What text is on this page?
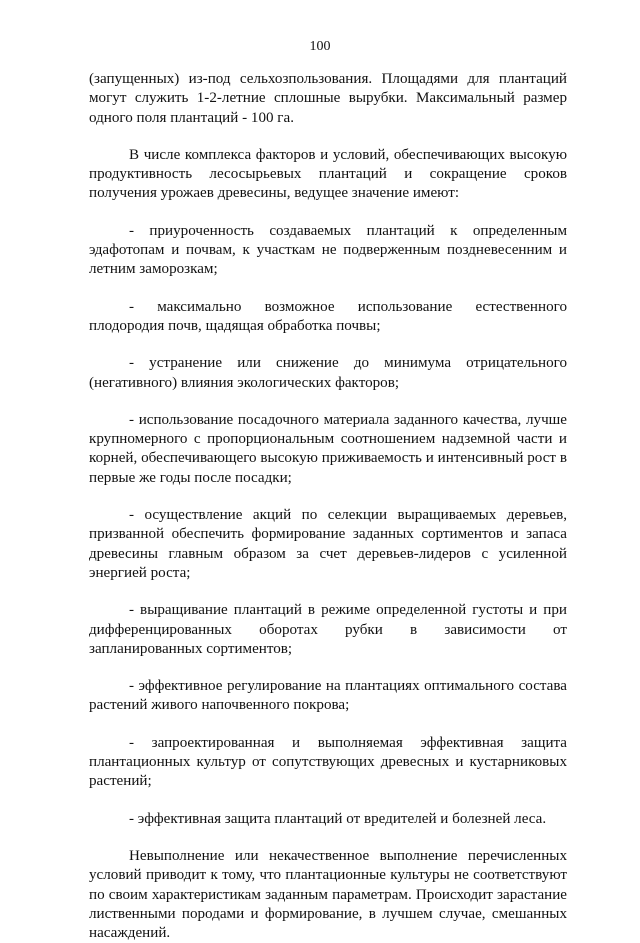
100

(запущенных) из-под сельхозпользования. Площадями для плантаций могут служить 1-2-летние сплошные вырубки. Максимальный размер одного поля плантаций - 100 га.

В числе комплекса факторов и условий, обеспечивающих высокую продуктивность лесосырьевых плантаций и сокращение сроков получения урожаев древесины, ведущее значение имеют:

- приуроченность создаваемых плантаций к определенным эдафотопам и почвам, к участкам не подверженным поздневесенним и летним заморозкам;

- максимально возможное использование естественного плодородия почв, щадящая обработка почвы;

- устранение или снижение до минимума отрицательного (негативного) влияния экологических факторов;

- использование посадочного материала заданного качества, лучше крупномерного с пропорциональным соотношением надземной части и корней, обеспечивающего высокую приживаемость и интенсивный рост в первые же годы после посадки;

- осуществление акций по селекции выращиваемых деревьев, призванной обеспечить формирование заданных сортиментов и запаса древесины главным образом за счет деревьев-лидеров с усиленной энергией роста;

- выращивание плантаций в режиме определенной густоты и при дифференцированных оборотах рубки в зависимости от запланированных сортиментов;

- эффективное регулирование на плантациях оптимального состава растений живого напочвенного покрова;

- запроектированная и выполняемая эффективная защита плантационных культур от сопутствующих древесных и кустарниковых растений;

- эффективная защита плантаций от вредителей и болезней леса.

Невыполнение или некачественное выполнение перечисленных условий приводит к тому, что плантационные культуры не соответствуют по своим характеристикам заданным параметрам. Происходит зарастание лиственными породами и формирование, в лучшем случае, смешанных насаждений.
